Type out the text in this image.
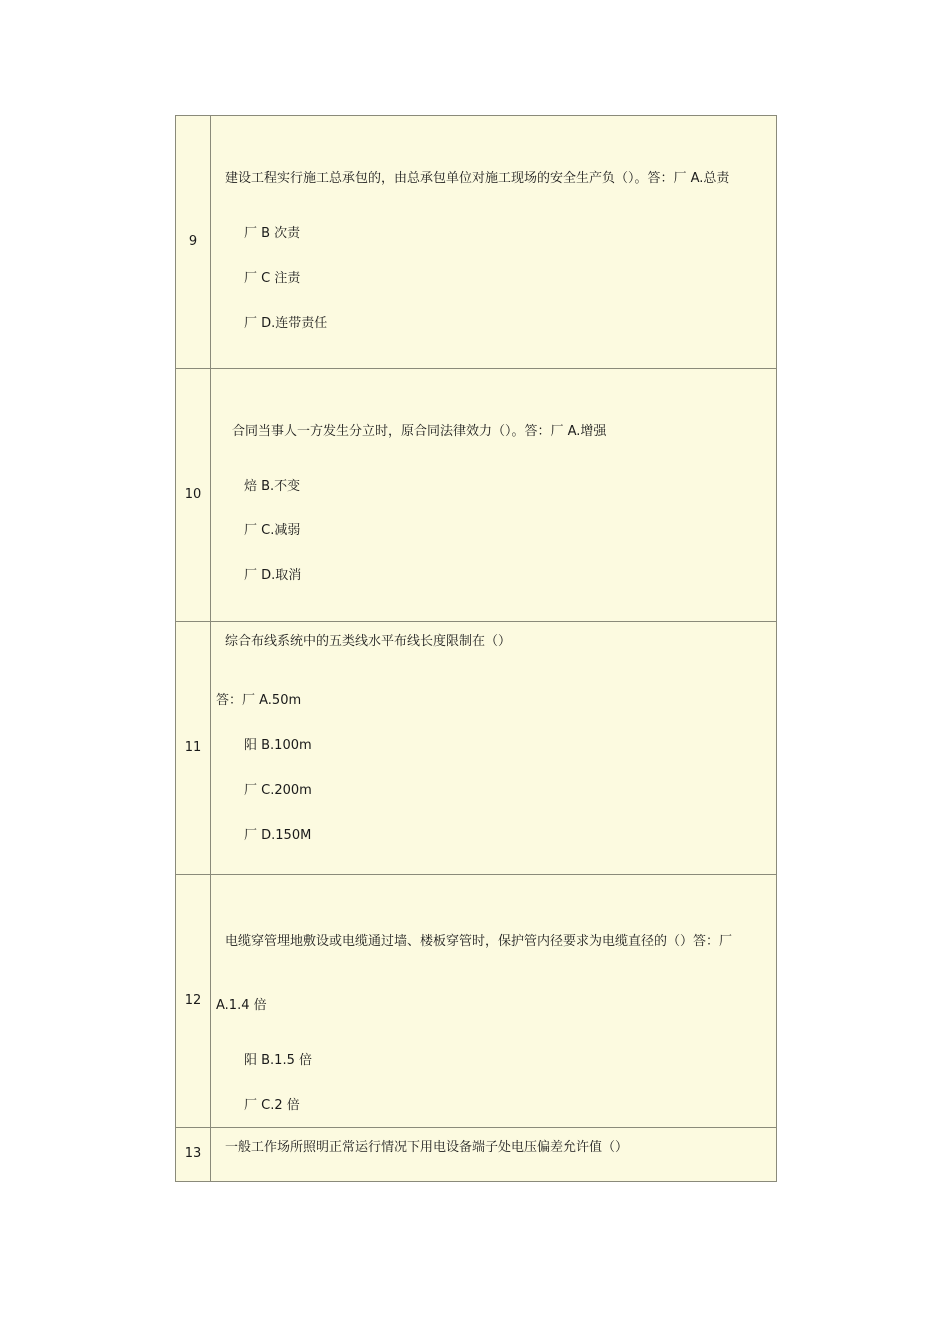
9
建设工程实行施工总承包的，由总承包单位对施工现场的安全生产负（）。答：厂 A.总责
厂 B 次责
厂 C 注责
厂 D.连带责任
10
合同当事人一方发生分立时，原合同法律效力（）。答：厂 A.增强
焙 B.不变
厂 C.减弱
厂 D.取消
11
综合布线系统中的五类线水平布线长度限制在（）
答：厂 A.50m
阳 B.100m
厂 C.200m
厂 D.150M
12
电缆穿管埋地敷设或电缆通过墙、楼板穿管时，保护管内径要求为电缆直径的（）答：厂
A.1.4 倍
阳 B.1.5 倍
厂 C.2 倍
13	一般工作场所照明正常运行情况下用电设备端子处电压偏差允许值（）
